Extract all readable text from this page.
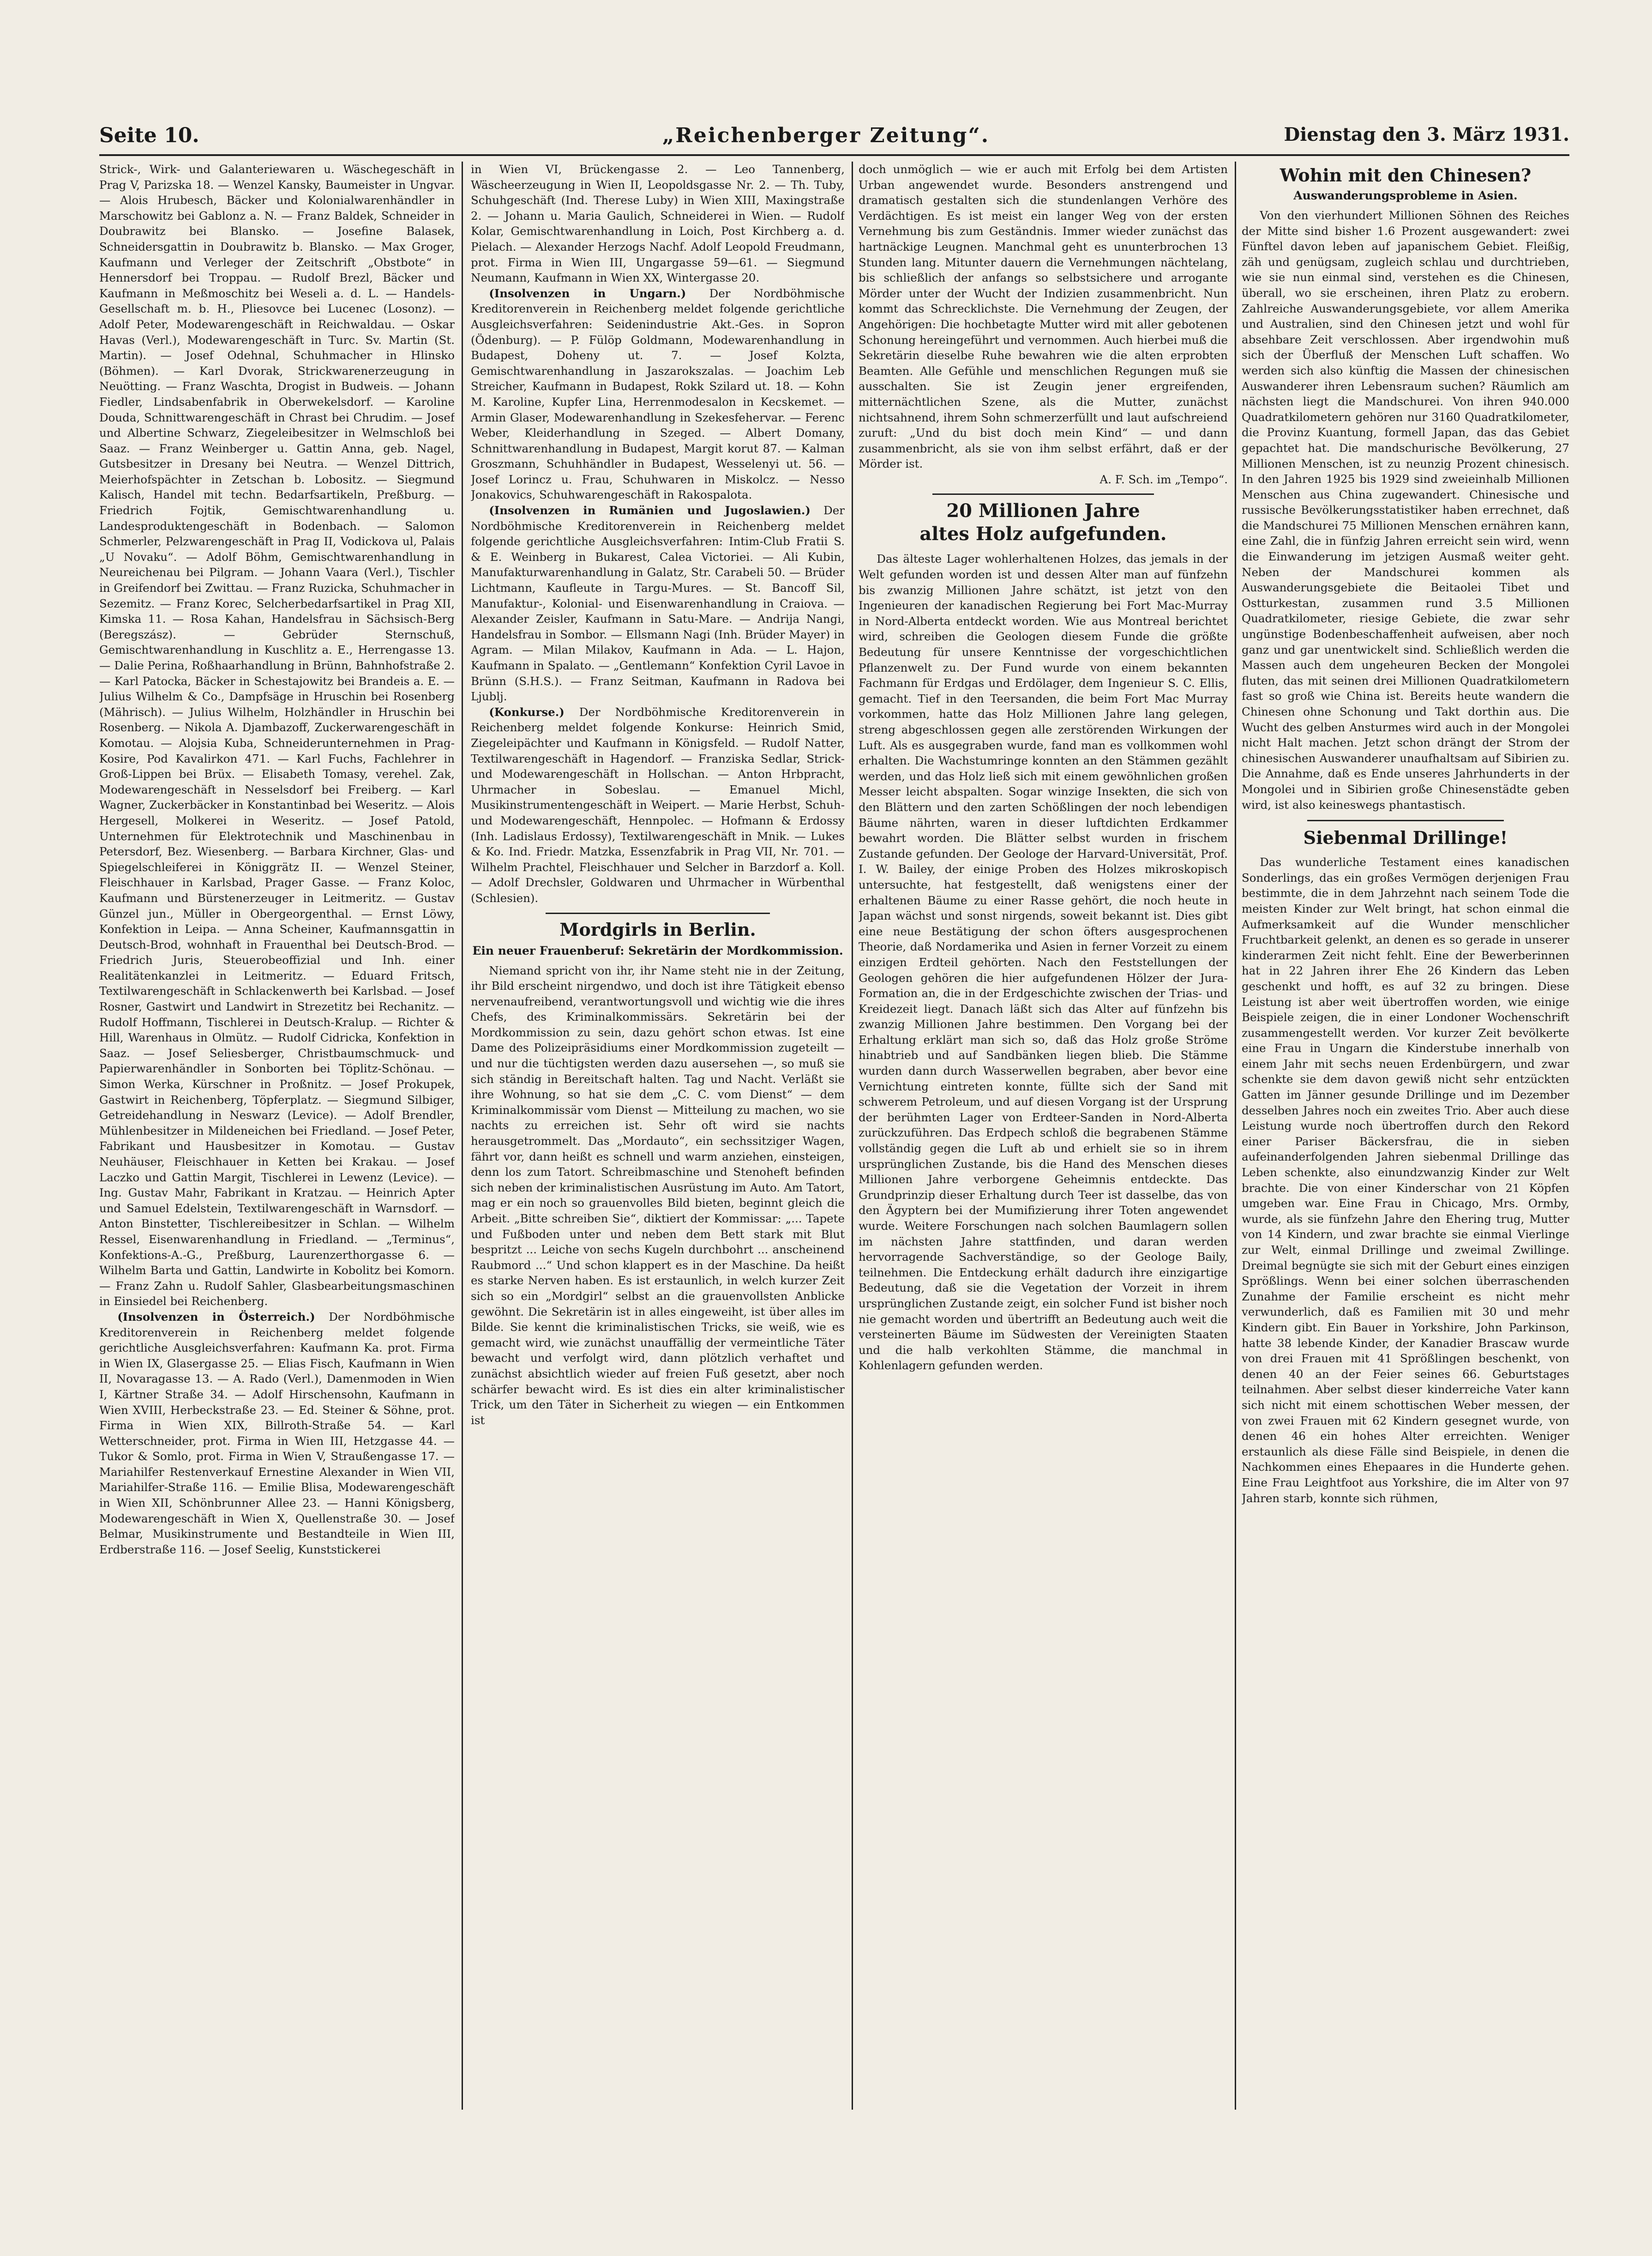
Seite 10.	„Reichenberger Zeitung“.	Dienstag den 3. März 1931.

Strick-, Wirk- und Galanteriewaren u. Wäschegeschäft in Prag V, Parizska 18. — Wenzel Kansky, Baumeister in Ungvar. — Alois Hrubesch, Bäcker und Kolonialwarenhändler in Marschowitz bei Gablonz a. N. — Franz Baldek, Schneider in Doubrawitz bei Blansko. — Josefine Balasek, Schneidersgattin in Doubrawitz b. Blansko. — Max Groger, Kaufmann und Verleger der Zeitschrift „Obstbote“ in Hennersdorf bei Troppau. — Rudolf Brezl, Bäcker und Kaufmann in Meßmoschitz bei Weseli a. d. L. — Handels-Gesellschaft m. b. H., Pliesovce bei Lucenec (Losonz). — Adolf Peter, Modewarengeschäft in Reichwaldau. — Oskar Havas (Verl.), Modewarengeschäft in Turc. Sv. Martin (St. Martin). — Josef Odehnal, Schuhmacher in Hlinsko (Böhmen). — Karl Dvorak, Strickwarenerzeugung in Neuötting. — Franz Waschta, Drogist in Budweis. — Johann Fiedler, Lindsabenfabrik in Oberwekelsdorf. — Karoline Douda, Schnittwarengeschäft in Chrast bei Chrudim. — Josef und Albertine Schwarz, Ziegeleibesitzer in Welmschloß bei Saaz. — Franz Weinberger u. Gattin Anna, geb. Nagel, Gutsbesitzer in Dresany bei Neutra. — Wenzel Dittrich, Meierhofspächter in Zetschan b. Lobositz. — Siegmund Kalisch, Handel mit techn. Bedarfsartikeln, Preßburg. — Friedrich Fojtik, Gemischtwarenhandlung u. Landesproduktengeschäft in Bodenbach. — Salomon Schmerler, Pelzwarengeschäft in Prag II, Vodickova ul, Palais „U Novaku“. — Adolf Böhm, Gemischtwarenhandlung in Neureichenau bei Pilgram. — Johann Vaara (Verl.), Tischler in Greifendorf bei Zwittau. — Franz Ruzicka, Schuhmacher in Sezemitz. — Franz Korec, Selcherbedarfsartikel in Prag XII, Kimska 11. — Rosa Kahan, Handelsfrau in Sächsisch-Berg (Beregszász). — Gebrüder Sternschuß, Gemischtwarenhandlung in Kuschlitz a. E., Herrengasse 13. — Dalie Perina, Roßhaarhandlung in Brünn, Bahnhofstraße 2. — Karl Patocka, Bäcker in Schestajowitz bei Brandeis a. E. — Julius Wilhelm & Co., Dampfsäge in Hruschin bei Rosenberg (Mährisch). — Julius Wilhelm, Holzhändler in Hruschin bei Rosenberg. — Nikola A. Djambazoff, Zuckerwarengeschäft in Komotau. — Alojsia Kuba, Schneiderunternehmen in Prag-Kosire, Pod Kavalirkon 471. — Karl Fuchs, Fachlehrer in Groß-Lippen bei Brüx. — Elisabeth Tomasy, verehel. Zak, Modewarengeschäft in Nesselsdorf bei Freiberg. — Karl Wagner, Zuckerbäcker in Konstantinbad bei Weseritz. — Alois Hergesell, Molkerei in Weseritz. — Josef Patold, Unternehmen für Elektrotechnik und Maschinenbau in Petersdorf, Bez. Wiesenberg. — Barbara Kirchner, Glas- und Spiegelschleiferei in Königgrätz II. — Wenzel Steiner, Fleischhauer in Karlsbad, Prager Gasse. — Franz Koloc, Kaufmann und Bürstenerzeuger in Leitmeritz. — Gustav Günzel jun., Müller in Obergeorgenthal. — Ernst Löwy, Konfektion in Leipa. — Anna Scheiner, Kaufmannsgattin in Deutsch-Brod, wohnhaft in Frauenthal bei Deutsch-Brod. — Friedrich Juris, Steuerobeoffizial und Inh. einer Realitätenkanzlei in Leitmeritz. — Eduard Fritsch, Textilwarengeschäft in Schlackenwerth bei Karlsbad. — Josef Rosner, Gastwirt und Landwirt in Strezetitz bei Rechanitz. — Rudolf Hoffmann, Tischlerei in Deutsch-Kralup. — Richter & Hill, Warenhaus in Olmütz. — Rudolf Cidricka, Konfektion in Saaz. — Josef Seliesberger, Christbaumschmuck- und Papierwarenhändler in Sonborten bei Töplitz-Schönau. — Simon Werka, Kürschner in Proßnitz. — Josef Prokupek, Gastwirt in Reichenberg, Töpferplatz. — Siegmund Silbiger, Getreidehandlung in Neswarz (Levice). — Adolf Brendler, Mühlenbesitzer in Mildeneichen bei Friedland. — Josef Peter, Fabrikant und Hausbesitzer in Komotau. — Gustav Neuhäuser, Fleischhauer in Ketten bei Krakau. — Josef Laczko und Gattin Margit, Tischlerei in Lewenz (Levice). — Ing. Gustav Mahr, Fabrikant in Kratzau. — Heinrich Apter und Samuel Edelstein, Textilwarengeschäft in Warnsdorf. — Anton Binstetter, Tischlereibesitzer in Schlan. — Wilhelm Ressel, Eisenwarenhandlung in Friedland. — „Terminus“, Konfektions-A.-G., Preßburg, Laurenzerthorgasse 6. — Wilhelm Barta und Gattin, Landwirte in Kobolitz bei Komorn. — Franz Zahn u. Rudolf Sahler, Glasbearbeitungsmaschinen in Einsiedel bei Reichenberg.

(Insolvenzen in Österreich.) Der Nordböhmische Kreditorenverein in Reichenberg meldet folgende gerichtliche Ausgleichsverfahren: Kaufmann Ka. prot. Firma in Wien IX, Glasergasse 25. — Elias Fisch, Kaufmann in Wien II, Novaragasse 13. — A. Rado (Verl.), Damenmoden in Wien I, Kärtner Straße 34. — Adolf Hirschensohn, Kaufmann in Wien XVIII, Herbeckstraße 23. — Ed. Steiner & Söhne, prot. Firma in Wien XIX, Billroth-Straße 54. — Karl Wetterschneider, prot. Firma in Wien III, Hetzgasse 44. — Tukor & Somlo, prot. Firma in Wien V, Straußengasse 17. — Mariahilfer Restenverkauf Ernestine Alexander in Wien VII, Mariahilfer-Straße 116. — Emilie Blisa, Modewarengeschäft in Wien XII, Schönbrunner Allee 23. — Hanni Königsberg, Modewarengeschäft in Wien X, Quellenstraße 30. — Josef Belmar, Musikinstrumente und Bestandteile in Wien III, Erdberstraße 116. — Josef Seelig, Kunststickerei

in Wien VI, Brückengasse 2. — Leo Tannenberg, Wäscheerzeugung in Wien II, Leopoldsgasse Nr. 2. — Th. Tuby, Schuhgeschäft (Ind. Therese Luby) in Wien XIII, Maxingstraße 2. — Johann u. Maria Gaulich, Schneiderei in Wien. — Rudolf Kolar, Gemischtwarenhandlung in Loich, Post Kirchberg a. d. Pielach. — Alexander Herzogs Nachf. Adolf Leopold Freudmann, prot. Firma in Wien III, Ungargasse 59—61. — Siegmund Neumann, Kaufmann in Wien XX, Wintergasse 20.

(Insolvenzen in Ungarn.) Der Nordböhmische Kreditorenverein in Reichenberg meldet folgende gerichtliche Ausgleichsverfahren: Seidenindustrie Akt.-Ges. in Sopron (Ödenburg). — P. Fülöp Goldmann, Modewarenhandlung in Budapest, Doheny ut. 7. — Josef Kolzta, Gemischtwarenhandlung in Jaszarokszalas. — Joachim Leb Streicher, Kaufmann in Budapest, Rokk Szilard ut. 18. — Kohn M. Karoline, Kupfer Lina, Herrenmodesalon in Kecskemet. — Armin Glaser, Modewarenhandlung in Szekesfehervar. — Ferenc Weber, Kleiderhandlung in Szeged. — Albert Domany, Schnittwarenhandlung in Budapest, Margit korut 87. — Kalman Groszmann, Schuhhändler in Budapest, Wesselenyi ut. 56. — Josef Lorincz u. Frau, Schuhwaren in Miskolcz. — Nesso Jonakovics, Schuhwarengeschäft in Rakospalota.

(Insolvenzen in Rumänien und Jugoslawien.) Der Nordböhmische Kreditorenverein in Reichenberg meldet folgende gerichtliche Ausgleichsverfahren: Intim-Club Fratii S. & E. Weinberg in Bukarest, Calea Victoriei. — Ali Kubin, Manufakturwarenhandlung in Galatz, Str. Carabeli 50. — Brüder Lichtmann, Kaufleute in Targu-Mures. — St. Bancoff Sil, Manufaktur-, Kolonial- und Eisenwarenhandlung in Craiova. — Alexander Zeisler, Kaufmann in Satu-Mare. — Andrija Nangi, Handelsfrau in Sombor. — Ellsmann Nagi (Inh. Brüder Mayer) in Agram. — Milan Milakov, Kaufmann in Ada. — L. Hajon, Kaufmann in Spalato. — „Gentlemann“ Konfektion Cyril Lavoe in Brünn (S.H.S.). — Franz Seitman, Kaufmann in Radova bei Ljublj.

(Konkurse.) Der Nordböhmische Kreditorenverein in Reichenberg meldet folgende Konkurse: Heinrich Smid, Ziegeleipächter und Kaufmann in Königsfeld. — Rudolf Natter, Textilwarengeschäft in Hagendorf. — Franziska Sedlar, Strick- und Modewarengeschäft in Hollschan. — Anton Hrbpracht, Uhrmacher in Sobeslau. — Emanuel Michl, Musikinstrumentengeschäft in Weipert. — Marie Herbst, Schuh- und Modewarengeschäft, Hennpolec. — Hofmann & Erdossy (Inh. Ladislaus Erdossy), Textilwarengeschäft in Mnik. — Lukes & Ko. Ind. Friedr. Matzka, Essenzfabrik in Prag VII, Nr. 701. — Wilhelm Prachtel, Fleischhauer und Selcher in Barzdorf a. Koll. — Adolf Drechsler, Goldwaren und Uhrmacher in Würbenthal (Schlesien).

Mordgirls in Berlin.

Ein neuer Frauenberuf: Sekretärin der Mordkommission.

Niemand spricht von ihr, ihr Name steht nie in der Zeitung, ihr Bild erscheint nirgendwo, und doch ist ihre Tätigkeit ebenso nervenaufreibend, verantwortungsvoll und wichtig wie die ihres Chefs, des Kriminalkommissärs. Sekretärin bei der Mordkommission zu sein, dazu gehört schon etwas. Ist eine Dame des Polizeipräsidiums einer Mordkommission zugeteilt — und nur die tüchtigsten werden dazu ausersehen —, so muß sie sich ständig in Bereitschaft halten. Tag und Nacht. Verläßt sie ihre Wohnung, so hat sie dem „C. C. vom Dienst“ — dem Kriminalkommissär vom Dienst — Mitteilung zu machen, wo sie nachts zu erreichen ist. Sehr oft wird sie nachts herausgetrommelt. Das „Mordauto“, ein sechssitziger Wagen, fährt vor, dann heißt es schnell und warm anziehen, einsteigen, denn los zum Tatort. Schreibmaschine und Stenoheft befinden sich neben der kriminalistischen Ausrüstung im Auto. Am Tatort, mag er ein noch so grauenvolles Bild bieten, beginnt gleich die Arbeit. „Bitte schreiben Sie“, diktiert der Kommissar: „... Tapete und Fußboden unter und neben dem Bett stark mit Blut bespritzt ... Leiche von sechs Kugeln durchbohrt ... anscheinend Raubmord ...“ Und schon klappert es in der Maschine. Da heißt es starke Nerven haben. Es ist erstaunlich, in welch kurzer Zeit sich so ein „Mordgirl“ selbst an die grauenvollsten Anblicke gewöhnt. Die Sekretärin ist in alles eingeweiht, ist über alles im Bilde. Sie kennt die kriminalistischen Tricks, sie weiß, wie es gemacht wird, wie zunächst unauffällig der vermeintliche Täter bewacht und verfolgt wird, dann plötzlich verhaftet und zunächst absichtlich wieder auf freien Fuß gesetzt, aber noch schärfer bewacht wird. Es ist dies ein alter kriminalistischer Trick, um den Täter in Sicherheit zu wiegen — ein Entkommen ist

doch unmöglich — wie er auch mit Erfolg bei dem Artisten Urban angewendet wurde. Besonders anstrengend und dramatisch gestalten sich die stundenlangen Verhöre des Verdächtigen. Es ist meist ein langer Weg von der ersten Vernehmung bis zum Geständnis. Immer wieder zunächst das hartnäckige Leugnen. Manchmal geht es ununterbrochen 13 Stunden lang. Mitunter dauern die Vernehmungen nächtelang, bis schließlich der anfangs so selbstsichere und arrogante Mörder unter der Wucht der Indizien zusammenbricht. Nun kommt das Schrecklichste. Die Vernehmung der Zeugen, der Angehörigen: Die hochbetagte Mutter wird mit aller gebotenen Schonung hereingeführt und vernommen. Auch hierbei muß die Sekretärin dieselbe Ruhe bewahren wie die alten erprobten Beamten. Alle Gefühle und menschlichen Regungen muß sie ausschalten. Sie ist Zeugin jener ergreifenden, mitternächtlichen Szene, als die Mutter, zunächst nichtsahnend, ihrem Sohn schmerzerfüllt und laut aufschreiend zuruft: „Und du bist doch mein Kind“ — und dann zusammenbricht, als sie von ihm selbst erfährt, daß er der Mörder ist.

A. F. Sch. im „Tempo“.

20 Millionen Jahre

altes Holz aufgefunden.

Das älteste Lager wohlerhaltenen Holzes, das jemals in der Welt gefunden worden ist und dessen Alter man auf fünfzehn bis zwanzig Millionen Jahre schätzt, ist jetzt von den Ingenieuren der kanadischen Regierung bei Fort Mac-Murray in Nord-Alberta entdeckt worden. Wie aus Montreal berichtet wird, schreiben die Geologen diesem Funde die größte Bedeutung für unsere Kenntnisse der vorgeschichtlichen Pflanzenwelt zu. Der Fund wurde von einem bekannten Fachmann für Erdgas und Erdölager, dem Ingenieur S. C. Ellis, gemacht. Tief in den Teersanden, die beim Fort Mac Murray vorkommen, hatte das Holz Millionen Jahre lang gelegen, streng abgeschlossen gegen alle zerstörenden Wirkungen der Luft. Als es ausgegraben wurde, fand man es vollkommen wohl erhalten. Die Wachstumringe konnten an den Stämmen gezählt werden, und das Holz ließ sich mit einem gewöhnlichen großen Messer leicht abspalten. Sogar winzige Insekten, die sich von den Blättern und den zarten Schößlingen der noch lebendigen Bäume nährten, waren in dieser luftdichten Erdkammer bewahrt worden. Die Blätter selbst wurden in frischem Zustande gefunden. Der Geologe der Harvard-Universität, Prof. I. W. Bailey, der einige Proben des Holzes mikroskopisch untersuchte, hat festgestellt, daß wenigstens einer der erhaltenen Bäume zu einer Rasse gehört, die noch heute in Japan wächst und sonst nirgends, soweit bekannt ist. Dies gibt eine neue Bestätigung der schon öfters ausgesprochenen Theorie, daß Nordamerika und Asien in ferner Vorzeit zu einem einzigen Erdteil gehörten. Nach den Feststellungen der Geologen gehören die hier aufgefundenen Hölzer der Jura-Formation an, die in der Erdgeschichte zwischen der Trias- und Kreidezeit liegt. Danach läßt sich das Alter auf fünfzehn bis zwanzig Millionen Jahre bestimmen. Den Vorgang bei der Erhaltung erklärt man sich so, daß das Holz große Ströme hinabtrieb und auf Sandbänken liegen blieb. Die Stämme wurden dann durch Wasserwellen begraben, aber bevor eine Vernichtung eintreten konnte, füllte sich der Sand mit schwerem Petroleum, und auf diesen Vorgang ist der Ursprung der berühmten Lager von Erdteer-Sanden in Nord-Alberta zurückzuführen. Das Erdpech schloß die begrabenen Stämme vollständig gegen die Luft ab und erhielt sie so in ihrem ursprünglichen Zustande, bis die Hand des Menschen dieses Millionen Jahre verborgene Geheimnis entdeckte. Das Grundprinzip dieser Erhaltung durch Teer ist dasselbe, das von den Ägyptern bei der Mumifizierung ihrer Toten angewendet wurde. Weitere Forschungen nach solchen Baumlagern sollen im nächsten Jahre stattfinden, und daran werden hervorragende Sachverständige, so der Geologe Baily, teilnehmen. Die Entdeckung erhält dadurch ihre einzigartige Bedeutung, daß sie die Vegetation der Vorzeit in ihrem ursprünglichen Zustande zeigt, ein solcher Fund ist bisher noch nie gemacht worden und übertrifft an Bedeutung auch weit die versteinerten Bäume im Südwesten der Vereinigten Staaten und die halb verkohlten Stämme, die manchmal in Kohlenlagern gefunden werden.

Wohin mit den Chinesen?

Auswanderungsprobleme in Asien.

Von den vierhundert Millionen Söhnen des Reiches der Mitte sind bisher 1.6 Prozent ausgewandert: zwei Fünftel davon leben auf japanischem Gebiet. Fleißig, zäh und genügsam, zugleich schlau und durchtrieben, wie sie nun einmal sind, verstehen es die Chinesen, überall, wo sie erscheinen, ihren Platz zu erobern. Zahlreiche Auswanderungsgebiete, vor allem Amerika und Australien, sind den Chinesen jetzt und wohl für absehbare Zeit verschlossen. Aber irgendwohin muß sich der Überfluß der Menschen Luft schaffen. Wo werden sich also künftig die Massen der chinesischen Auswanderer ihren Lebensraum suchen? Räumlich am nächsten liegt die Mandschurei. Von ihren 940.000 Quadratkilometern gehören nur 3160 Quadratkilometer, die Provinz Kuantung, formell Japan, das das Gebiet gepachtet hat. Die mandschurische Bevölkerung, 27 Millionen Menschen, ist zu neunzig Prozent chinesisch. In den Jahren 1925 bis 1929 sind zweieinhalb Millionen Menschen aus China zugewandert. Chinesische und russische Bevölkerungsstatistiker haben errechnet, daß die Mandschurei 75 Millionen Menschen ernähren kann, eine Zahl, die in fünfzig Jahren erreicht sein wird, wenn die Einwanderung im jetzigen Ausmaß weiter geht. Neben der Mandschurei kommen als Auswanderungsgebiete die Beitaolei Tibet und Ostturkestan, zusammen rund 3.5 Millionen Quadratkilometer, riesige Gebiete, die zwar sehr ungünstige Bodenbeschaffenheit aufweisen, aber noch ganz und gar unentwickelt sind. Schließlich werden die Massen auch dem ungeheuren Becken der Mongolei fluten, das mit seinen drei Millionen Quadratkilometern fast so groß wie China ist. Bereits heute wandern die Chinesen ohne Schonung und Takt dorthin aus. Die Wucht des gelben Ansturmes wird auch in der Mongolei nicht Halt machen. Jetzt schon drängt der Strom der chinesischen Auswanderer unaufhaltsam auf Sibirien zu. Die Annahme, daß es Ende unseres Jahrhunderts in der Mongolei und in Sibirien große Chinesenstädte geben wird, ist also keineswegs phantastisch.

Siebenmal Drillinge!

Das wunderliche Testament eines kanadischen Sonderlings, das ein großes Vermögen derjenigen Frau bestimmte, die in dem Jahrzehnt nach seinem Tode die meisten Kinder zur Welt bringt, hat schon einmal die Aufmerksamkeit auf die Wunder menschlicher Fruchtbarkeit gelenkt, an denen es so gerade in unserer kinderarmen Zeit nicht fehlt. Eine der Bewerberinnen hat in 22 Jahren ihrer Ehe 26 Kindern das Leben geschenkt und hofft, es auf 32 zu bringen. Diese Leistung ist aber weit übertroffen worden, wie einige Beispiele zeigen, die in einer Londoner Wochenschrift zusammengestellt werden. Vor kurzer Zeit bevölkerte eine Frau in Ungarn die Kinderstube innerhalb von einem Jahr mit sechs neuen Erdenbürgern, und zwar schenkte sie dem davon gewiß nicht sehr entzückten Gatten im Jänner gesunde Drillinge und im Dezember desselben Jahres noch ein zweites Trio. Aber auch diese Leistung wurde noch übertroffen durch den Rekord einer Pariser Bäckersfrau, die in sieben aufeinanderfolgenden Jahren siebenmal Drillinge das Leben schenkte, also einundzwanzig Kinder zur Welt brachte. Die von einer Kinderschar von 21 Köpfen umgeben war. Eine Frau in Chicago, Mrs. Ormby, wurde, als sie fünfzehn Jahre den Ehering trug, Mutter von 14 Kindern, und zwar brachte sie einmal Vierlinge zur Welt, einmal Drillinge und zweimal Zwillinge. Dreimal begnügte sie sich mit der Geburt eines einzigen Sprößlings. Wenn bei einer solchen überraschenden Zunahme der Familie erscheint es nicht mehr verwunderlich, daß es Familien mit 30 und mehr Kindern gibt. Ein Bauer in Yorkshire, John Parkinson, hatte 38 lebende Kinder, der Kanadier Brascaw wurde von drei Frauen mit 41 Sprößlingen beschenkt, von denen 40 an der Feier seines 66. Geburtstages teilnahmen. Aber selbst dieser kinderreiche Vater kann sich nicht mit einem schottischen Weber messen, der von zwei Frauen mit 62 Kindern gesegnet wurde, von denen 46 ein hohes Alter erreichten. Weniger erstaunlich als diese Fälle sind Beispiele, in denen die Nachkommen eines Ehepaares in die Hunderte gehen. Eine Frau Leightfoot aus Yorkshire, die im Alter von 97 Jahren starb, konnte sich rühmen,
